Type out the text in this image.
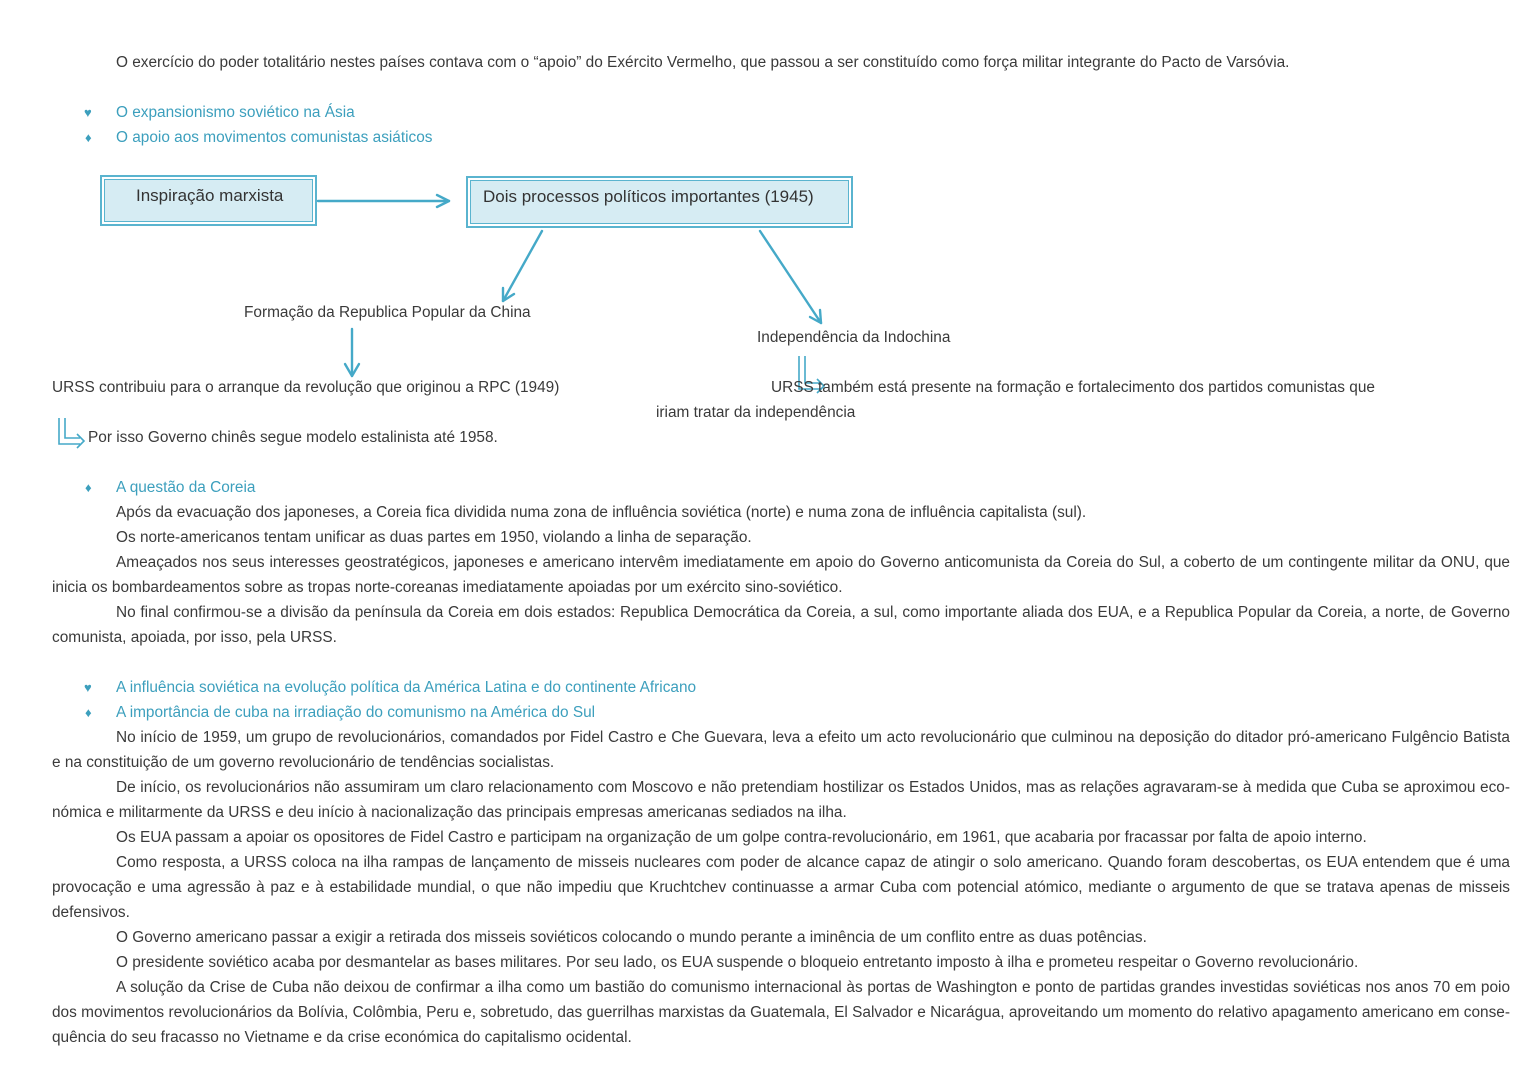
O exercício do poder totalitário nestes países contava com o “apoio” do Exército Vermelho, que passou a ser constituído como força militar integrante do Pacto de Varsóvia.
♥ O expansionismo soviético na Ásia
♦ O apoio aos movimentos comunistas asiáticos
Inspiração marxista	Dois processos políticos importantes (1945)
Formação da Republica Popular da China
Independência da Indochina
URSS contribuiu para o arranque da revolução que originou a RPC (1949)	URSS também está presente na formação e fortalecimento dos partidos comunistas que
iriam tratar da independência
Por isso Governo chinês segue modelo estalinista até 1958.
♦ A questão da Coreia
Após da evacuação dos japoneses, a Coreia fica dividida numa zona de influência soviética (norte) e numa zona de influência capitalista (sul).
Os norte-americanos tentam unificar as duas partes em 1950, violando a linha de separação.
Ameaçados nos seus interesses geostratégicos, japoneses e americano intervêm imediatamente em apoio do Governo anticomunista da Coreia do Sul, a coberto de um contingente militar da ONU, que inicia os bombardeamentos sobre as tropas norte-coreanas imediatamente apoiadas por um exército sino-soviético.
No final confirmou-se a divisão da península da Coreia em dois estados: Republica Democrática da Coreia, a sul, como importante aliada dos EUA, e a Republica Popular da Coreia, a norte, de Governo comunista, apoiada, por isso, pela URSS.
♥ A influência soviética na evolução política da América Latina e do continente Africano
♦ A importância de cuba na irradiação do comunismo na América do Sul
No início de 1959, um grupo de revolucionários, comandados por Fidel Castro e Che Guevara, leva a efeito um acto revolucionário que culminou na deposição do ditador pró-americano Fulgêncio Batista e na constituição de um governo revolucionário de tendências socialistas.
De início, os revolucionários não assumiram um claro relacionamento com Moscovo e não pretendiam hostilizar os Estados Unidos, mas as relações agravaram-se à medida que Cuba se aproximou eco-nómica e militarmente da URSS e deu início à nacionalização das principais empresas americanas sediados na ilha.
Os EUA passam a apoiar os opositores de Fidel Castro e participam na organização de um golpe contra-revolucionário, em 1961, que acabaria por fracassar por falta de apoio interno.
Como resposta, a URSS coloca na ilha rampas de lançamento de misseis nucleares com poder de alcance capaz de atingir o solo americano. Quando foram descobertas, os EUA entendem que é uma provocação e uma agressão à paz e à estabilidade mundial, o que não impediu que Kruchtchev continuasse a armar Cuba com potencial atómico, mediante o argumento de que se tratava apenas de misseis defensivos.
O Governo americano passar a exigir a retirada dos misseis soviéticos colocando o mundo perante a iminência de um conflito entre as duas potências.
O presidente soviético acaba por desmantelar as bases militares. Por seu lado, os EUA suspende o bloqueio entretanto imposto à ilha e prometeu respeitar o Governo revolucionário.
A solução da Crise de Cuba não deixou de confirmar a ilha como um bastião do comunismo internacional às portas de Washington e ponto de partidas grandes investidas soviéticas nos anos 70 em poio dos movimentos revolucionários da Bolívia, Colômbia, Peru e, sobretudo, das guerrilhas marxistas da Guatemala, El Salvador e Nicarágua, aproveitando um momento do relativo apagamento americano em conse-quência do seu fracasso no Vietname e da crise económica do capitalismo ocidental.
